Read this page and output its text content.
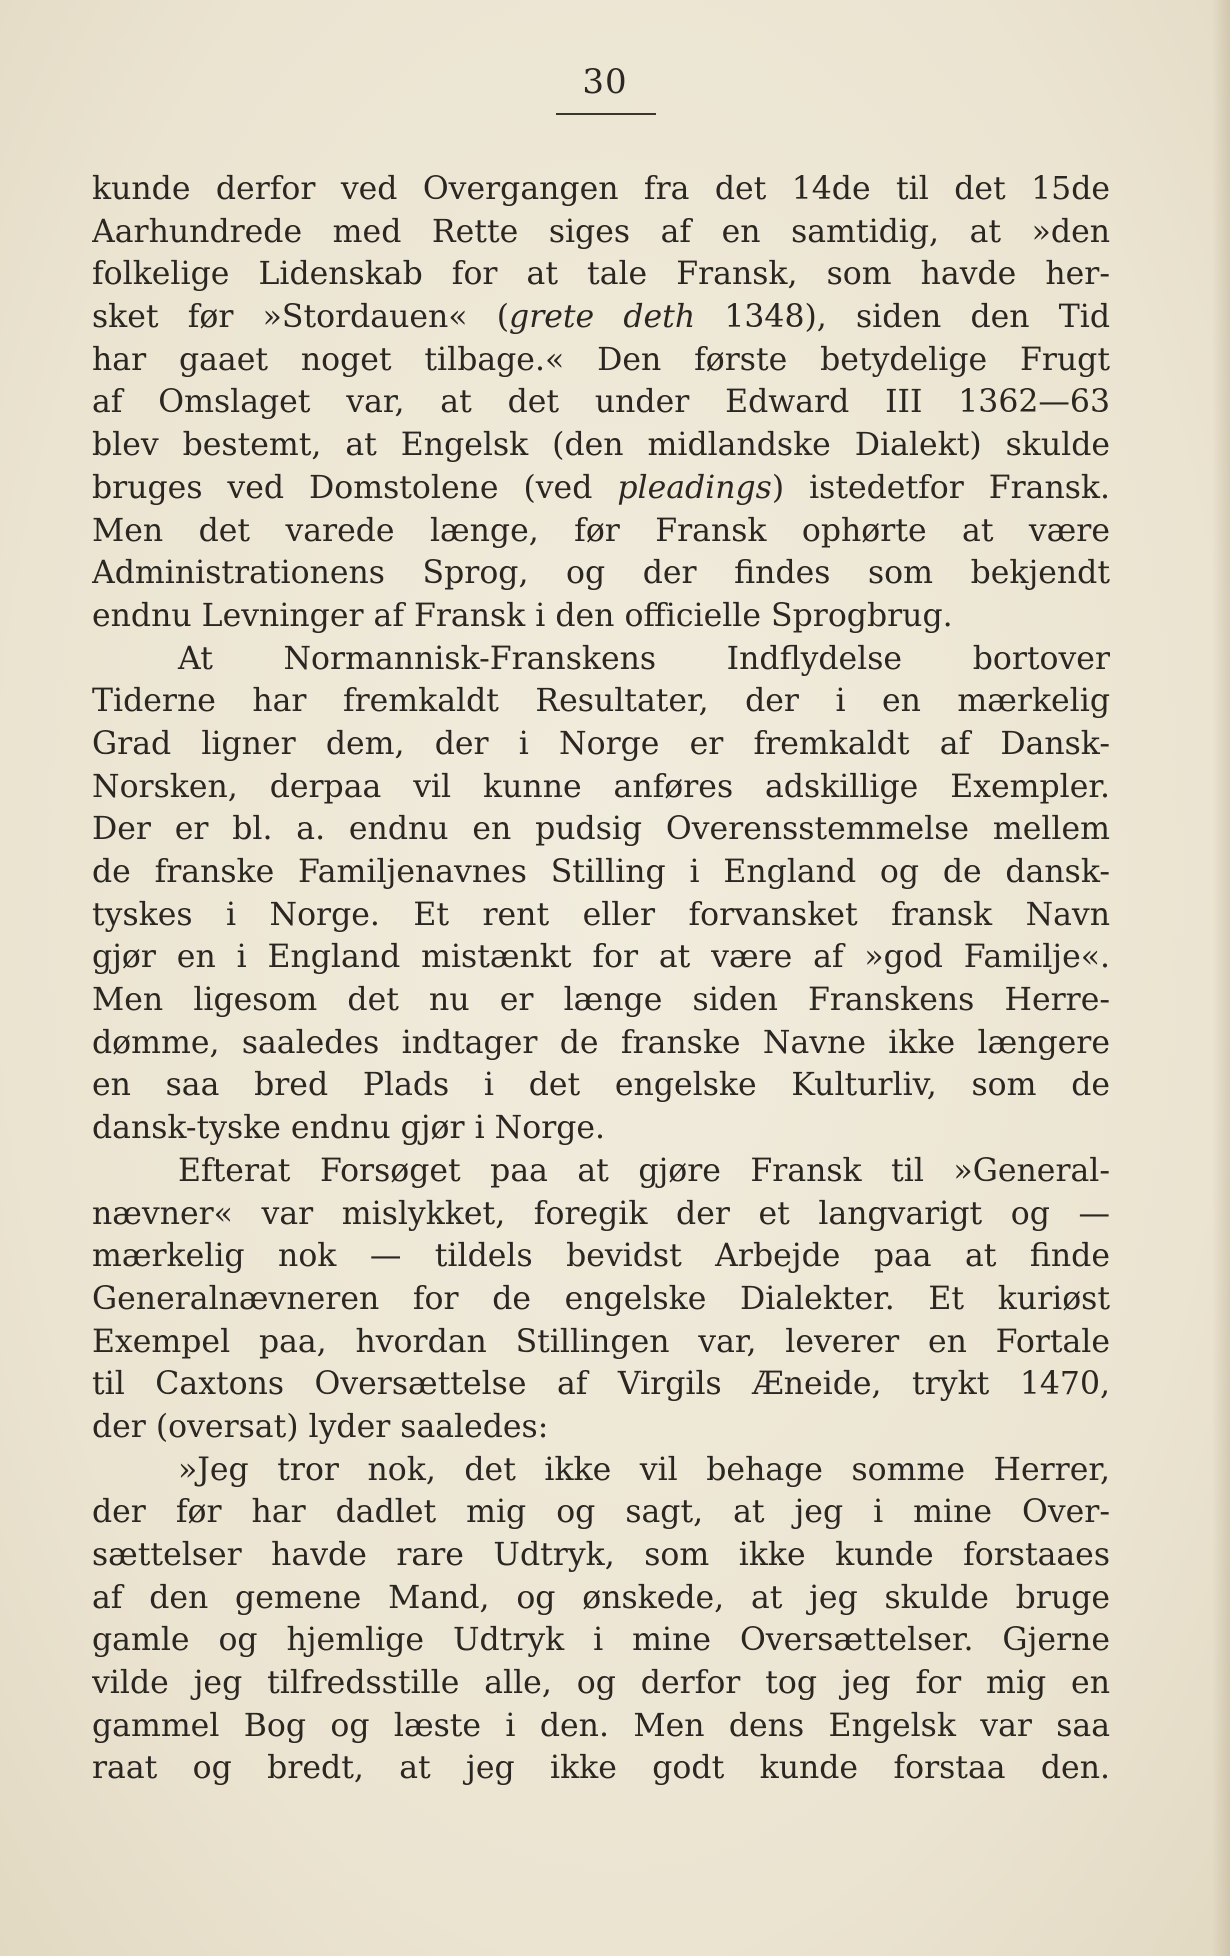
30
kunde derfor ved Overgangen fra det 14de til det 15de
Aarhundrede med Rette siges af en samtidig, at »den
folkelige Lidenskab for at tale Fransk, som havde her-
sket før »Stordauen« (grete deth 1348), siden den Tid
har gaaet noget tilbage.« Den første betydelige Frugt
af Omslaget var, at det under Edward III 1362—63
blev bestemt, at Engelsk (den midlandske Dialekt) skulde
bruges ved Domstolene (ved pleadings) istedetfor Fransk.
Men det varede længe, før Fransk ophørte at være
Administrationens Sprog, og der findes som bekjendt
endnu Levninger af Fransk i den officielle Sprogbrug.
At Normannisk-Franskens Indflydelse bortover
Tiderne har fremkaldt Resultater, der i en mærkelig
Grad ligner dem, der i Norge er fremkaldt af Dansk-
Norsken, derpaa vil kunne anføres adskillige Exempler.
Der er bl. a. endnu en pudsig Overensstemmelse mellem
de franske Familjenavnes Stilling i England og de dansk-
tyskes i Norge. Et rent eller forvansket fransk Navn
gjør en i England mistænkt for at være af »god Familje«.
Men ligesom det nu er længe siden Franskens Herre-
dømme, saaledes indtager de franske Navne ikke længere
en saa bred Plads i det engelske Kulturliv, som de
dansk-tyske endnu gjør i Norge.
Efterat Forsøget paa at gjøre Fransk til »General-
nævner« var mislykket, foregik der et langvarigt og —
mærkelig nok — tildels bevidst Arbejde paa at finde
Generalnævneren for de engelske Dialekter. Et kuriøst
Exempel paa, hvordan Stillingen var, leverer en Fortale
til Caxtons Oversættelse af Virgils Æneide, trykt 1470,
der (oversat) lyder saaledes:
»Jeg tror nok, det ikke vil behage somme Herrer,
der før har dadlet mig og sagt, at jeg i mine Over-
sættelser havde rare Udtryk, som ikke kunde forstaaes
af den gemene Mand, og ønskede, at jeg skulde bruge
gamle og hjemlige Udtryk i mine Oversættelser. Gjerne
vilde jeg tilfredsstille alle, og derfor tog jeg for mig en
gammel Bog og læste i den. Men dens Engelsk var saa
raat og bredt, at jeg ikke godt kunde forstaa den.
